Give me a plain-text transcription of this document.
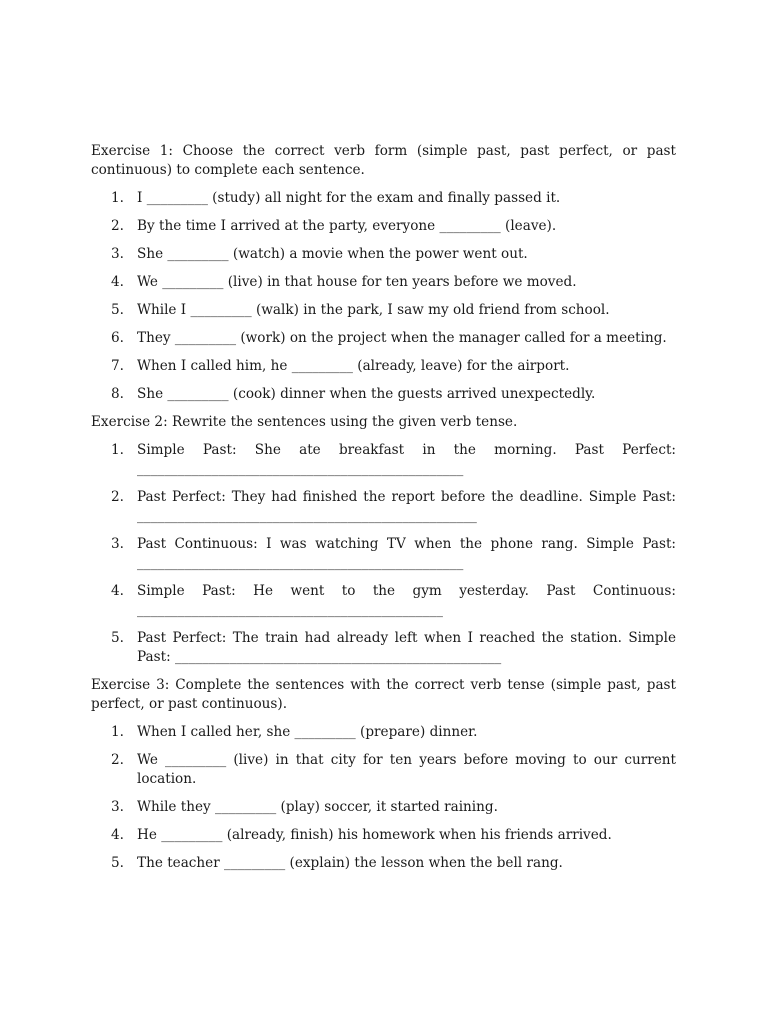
Exercise 1: Choose the correct verb form (simple past, past perfect, or past continuous) to complete each sentence.

1. I _________ (study) all night for the exam and finally passed it.
2. By the time I arrived at the party, everyone _________ (leave).
3. She _________ (watch) a movie when the power went out.
4. We _________ (live) in that house for ten years before we moved.
5. While I _________ (walk) in the park, I saw my old friend from school.
6. They _________ (work) on the project when the manager called for a meeting.
7. When I called him, he _________ (already, leave) for the airport.
8. She _________ (cook) dinner when the guests arrived unexpectedly.

Exercise 2: Rewrite the sentences using the given verb tense.

1. Simple Past: She ate breakfast in the morning. Past Perfect: ________________________________________________
2. Past Perfect: They had finished the report before the deadline. Simple Past: __________________________________________________
3. Past Continuous: I was watching TV when the phone rang. Simple Past: ________________________________________________
4. Simple Past: He went to the gym yesterday. Past Continuous: _____________________________________________
5. Past Perfect: The train had already left when I reached the station. Simple Past: ________________________________________________

Exercise 3: Complete the sentences with the correct verb tense (simple past, past perfect, or past continuous).

1. When I called her, she _________ (prepare) dinner.
2. We _________ (live) in that city for ten years before moving to our current location.
3. While they _________ (play) soccer, it started raining.
4. He _________ (already, finish) his homework when his friends arrived.
5. The teacher _________ (explain) the lesson when the bell rang.
